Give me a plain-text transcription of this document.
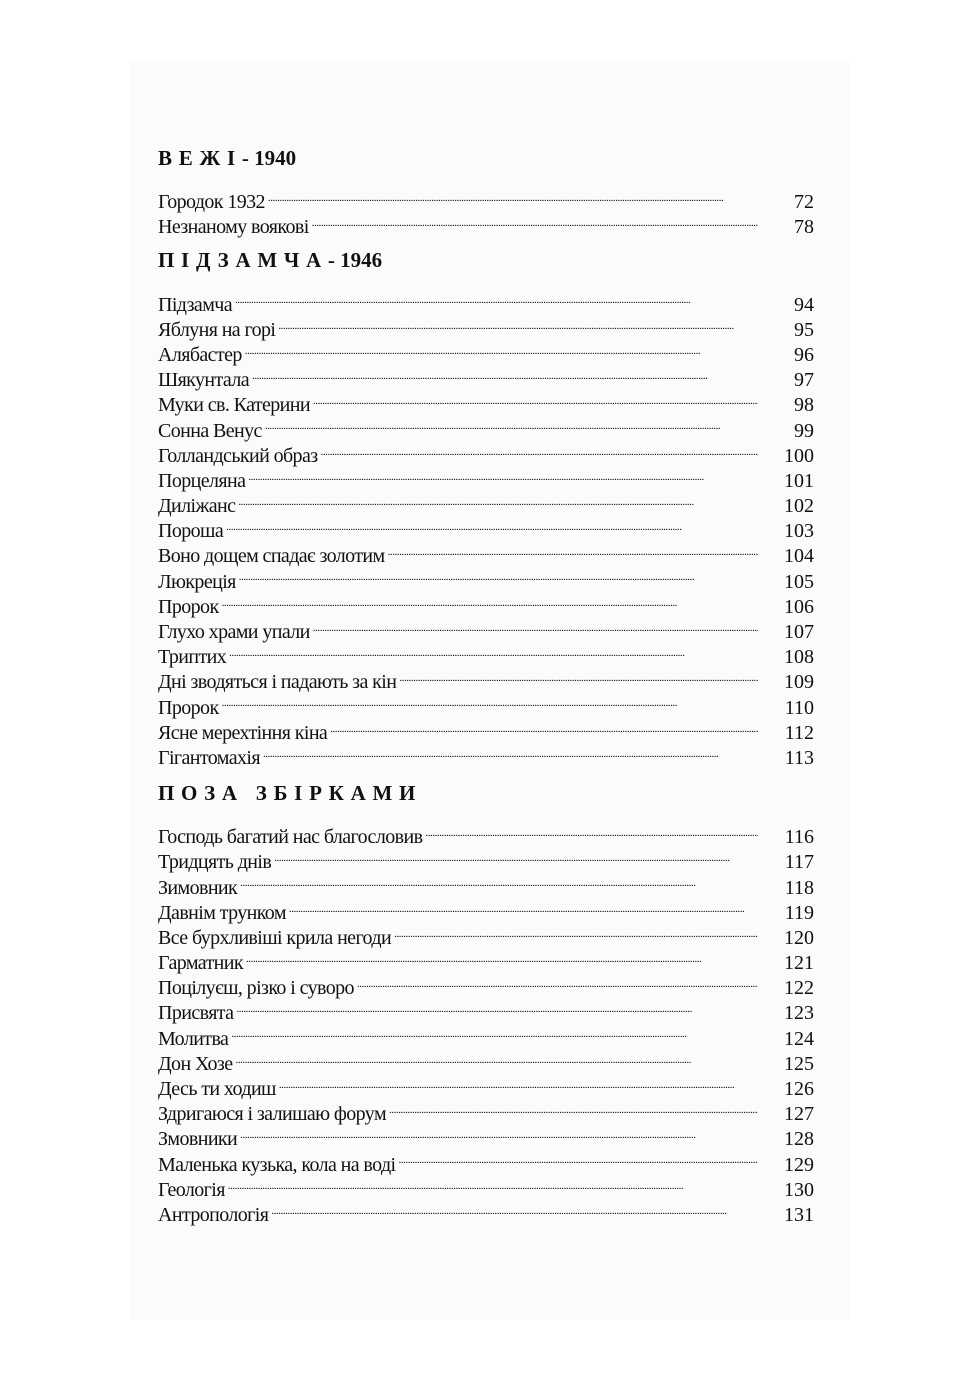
ВЕЖІ- 1940
Городок 1932 . . .	72
Незнаному воякові . . .	78
ПІДЗАМЧА- 1946
Підзамча . . .	94
Яблуня на горі . . .	95
Алябастер . . .	96
Шякунтала . . .	97
Муки св. Катерини . . .	98
Сонна Венус . . .	99
Голландський образ . . .	100
Порцеляна . . .	101
Диліжанс . . .	102
Пороша . . .	103
Воно дощем спадає золотим . . .	104
Люкреція . . .	105
Пророк . . .	106
Глухо храми упали . . .	107
Триптих . . .	108
Дні зводяться і падають за кін . . .	109
Пророк . . .	110
Ясне мерехтіння кіна . . .	112
Гігантомахія . . .	113
ПОЗА ЗБІРКАМИ
Господь багатий нас благословив . . .	116
Тридцять днів . . .	117
Зимовник . . .	118
Давнім трунком . . .	119
Все бурхливіші крила негоди . . .	120
Гарматник . . .	121
Поцілуєш, різко і суворо . . .	122
Присвята . . .	123
Молитва . . .	124
Дон Хозе . . .	125
Десь ти ходиш . . .	126
Здригаюся і залишаю форум . . .	127
Змовники . . .	128
Маленька кузька, кола на воді . . .	129
Геологія . . .	130
Антропологія . . .	131
